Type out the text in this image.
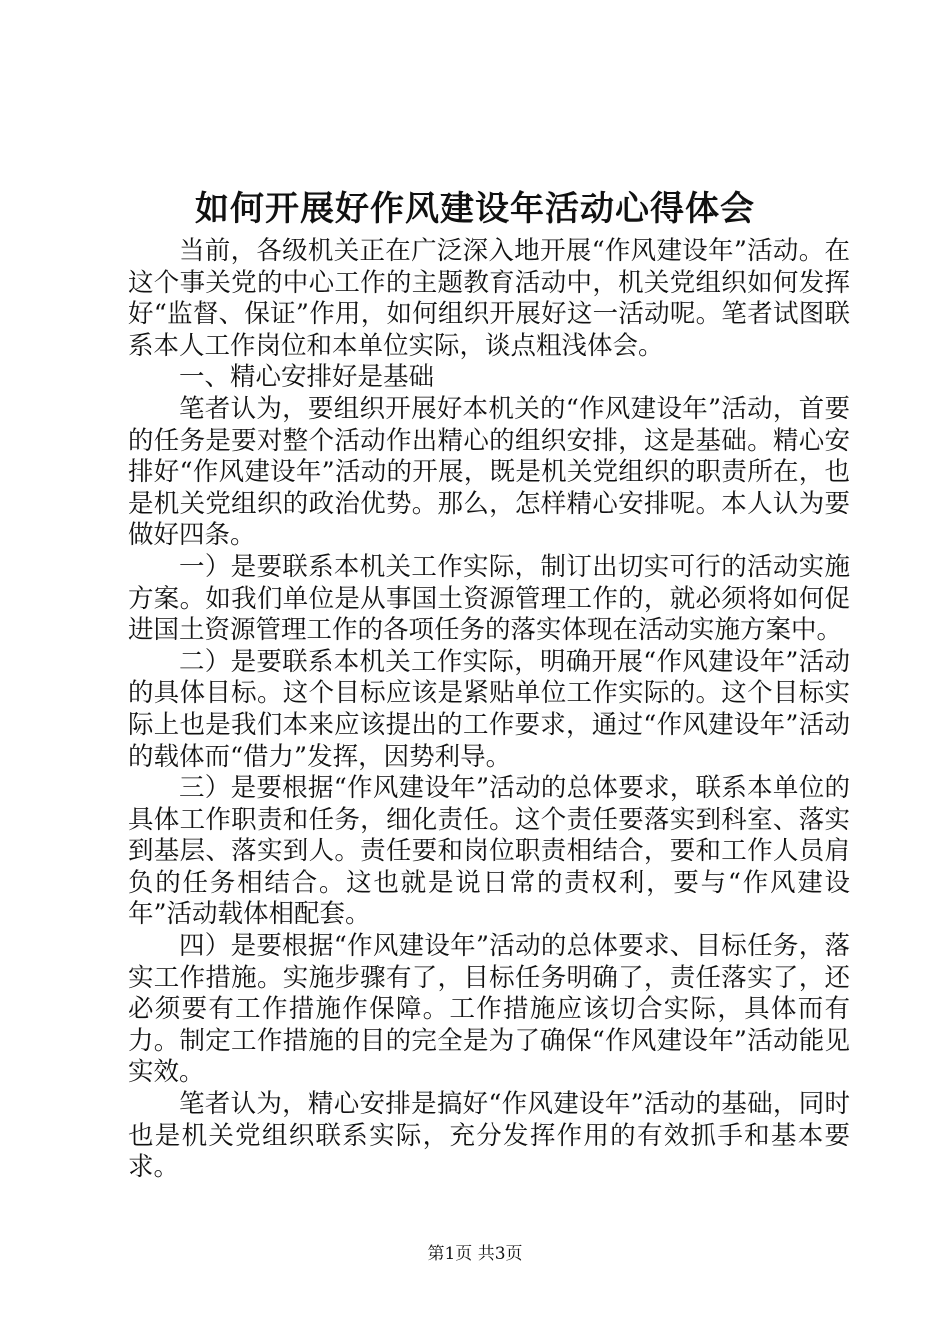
如何开展好作风建设年活动心得体会

当前，各级机关正在广泛深入地开展“作风建设年”活动。在这个事关党的中心工作的主题教育活动中，机关党组织如何发挥好“监督、保证”作用，如何组织开展好这一活动呢。笔者试图联系本人工作岗位和本单位实际，谈点粗浅体会。

一、精心安排好是基础

笔者认为，要组织开展好本机关的“作风建设年”活动，首要的任务是要对整个活动作出精心的组织安排，这是基础。精心安排好“作风建设年”活动的开展，既是机关党组织的职责所在，也是机关党组织的政治优势。那么，怎样精心安排呢。本人认为要做好四条。

一）是要联系本机关工作实际，制订出切实可行的活动实施方案。如我们单位是从事国土资源管理工作的，就必须将如何促进国土资源管理工作的各项任务的落实体现在活动实施方案中。

二）是要联系本机关工作实际，明确开展“作风建设年”活动的具体目标。这个目标应该是紧贴单位工作实际的。这个目标实际上也是我们本来应该提出的工作要求，通过“作风建设年”活动的载体而“借力”发挥，因势利导。

三）是要根据“作风建设年”活动的总体要求，联系本单位的具体工作职责和任务，细化责任。这个责任要落实到科室、落实到基层、落实到人。责任要和岗位职责相结合，要和工作人员肩负的任务相结合。这也就是说日常的责权利，要与“作风建设年”活动载体相配套。

四）是要根据“作风建设年”活动的总体要求、目标任务，落实工作措施。实施步骤有了，目标任务明确了，责任落实了，还必须要有工作措施作保障。工作措施应该切合实际，具体而有力。制定工作措施的目的完全是为了确保“作风建设年”活动能见实效。

笔者认为，精心安排是搞好“作风建设年”活动的基础，同时也是机关党组织联系实际，充分发挥作用的有效抓手和基本要求。

第1页 共3页
